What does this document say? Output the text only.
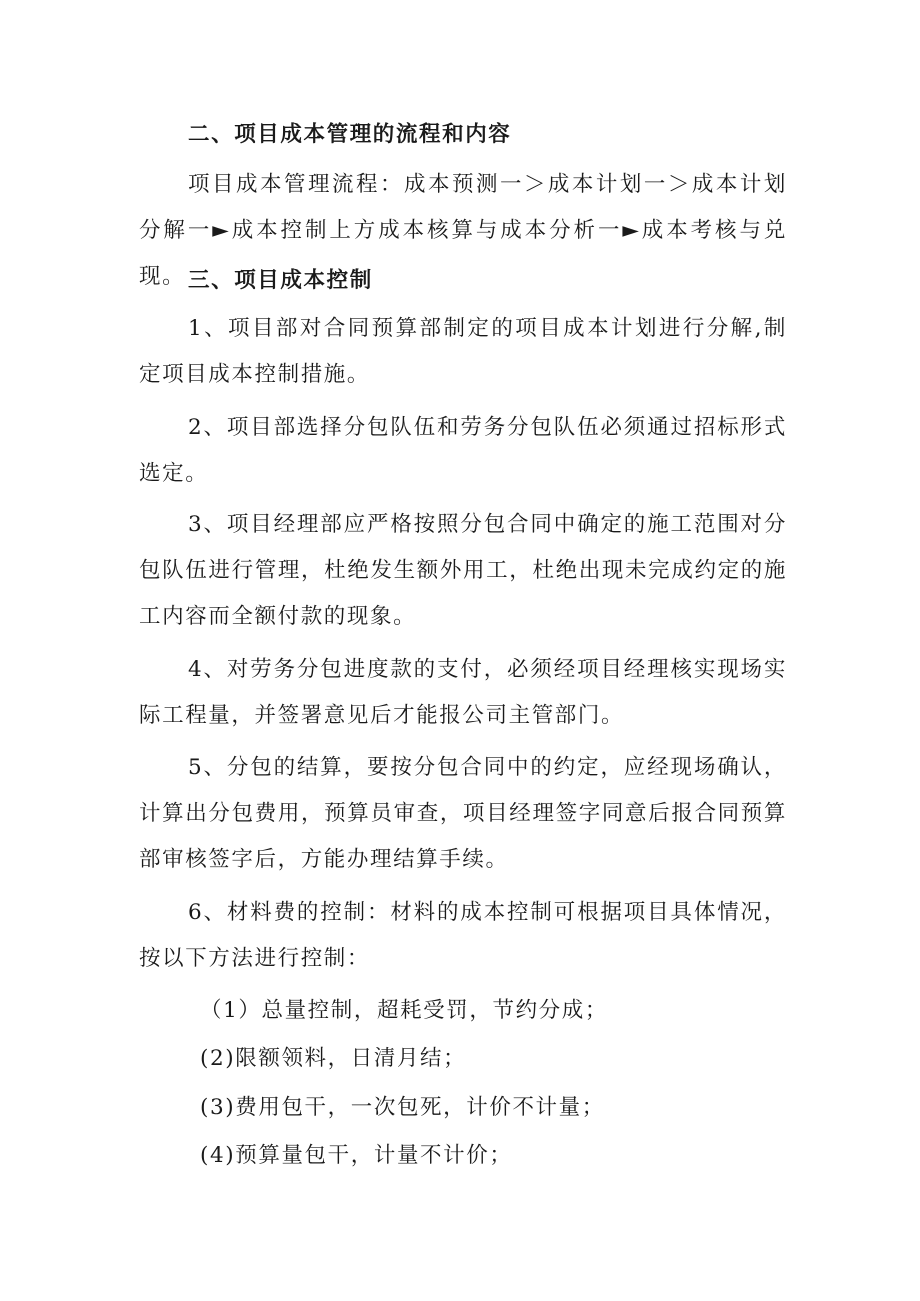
二、项目成本管理的流程和内容

项目成本管理流程：成本预测一＞成本计划一＞成本计划分解一►成本控制上方成本核算与成本分析一►成本考核与兑现。 三、项目成本控制

1、项目部对合同预算部制定的项目成本计划进行分解,制定项目成本控制措施。

2、项目部选择分包队伍和劳务分包队伍必须通过招标形式选定。

3、项目经理部应严格按照分包合同中确定的施工范围对分包队伍进行管理，杜绝发生额外用工，杜绝出现未完成约定的施工内容而全额付款的现象。

4、对劳务分包进度款的支付，必须经项目经理核实现场实际工程量，并签署意见后才能报公司主管部门。

5、分包的结算，要按分包合同中的约定，应经现场确认，计算出分包费用，预算员审查，项目经理签字同意后报合同预算部审核签字后，方能办理结算手续。

6、材料费的控制：材料的成本控制可根据项目具体情况，按以下方法进行控制：

（1）总量控制，超耗受罚，节约分成；

(2)限额领料，日清月结；

(3)费用包干，一次包死，计价不计量；

(4)预算量包干，计量不计价；
